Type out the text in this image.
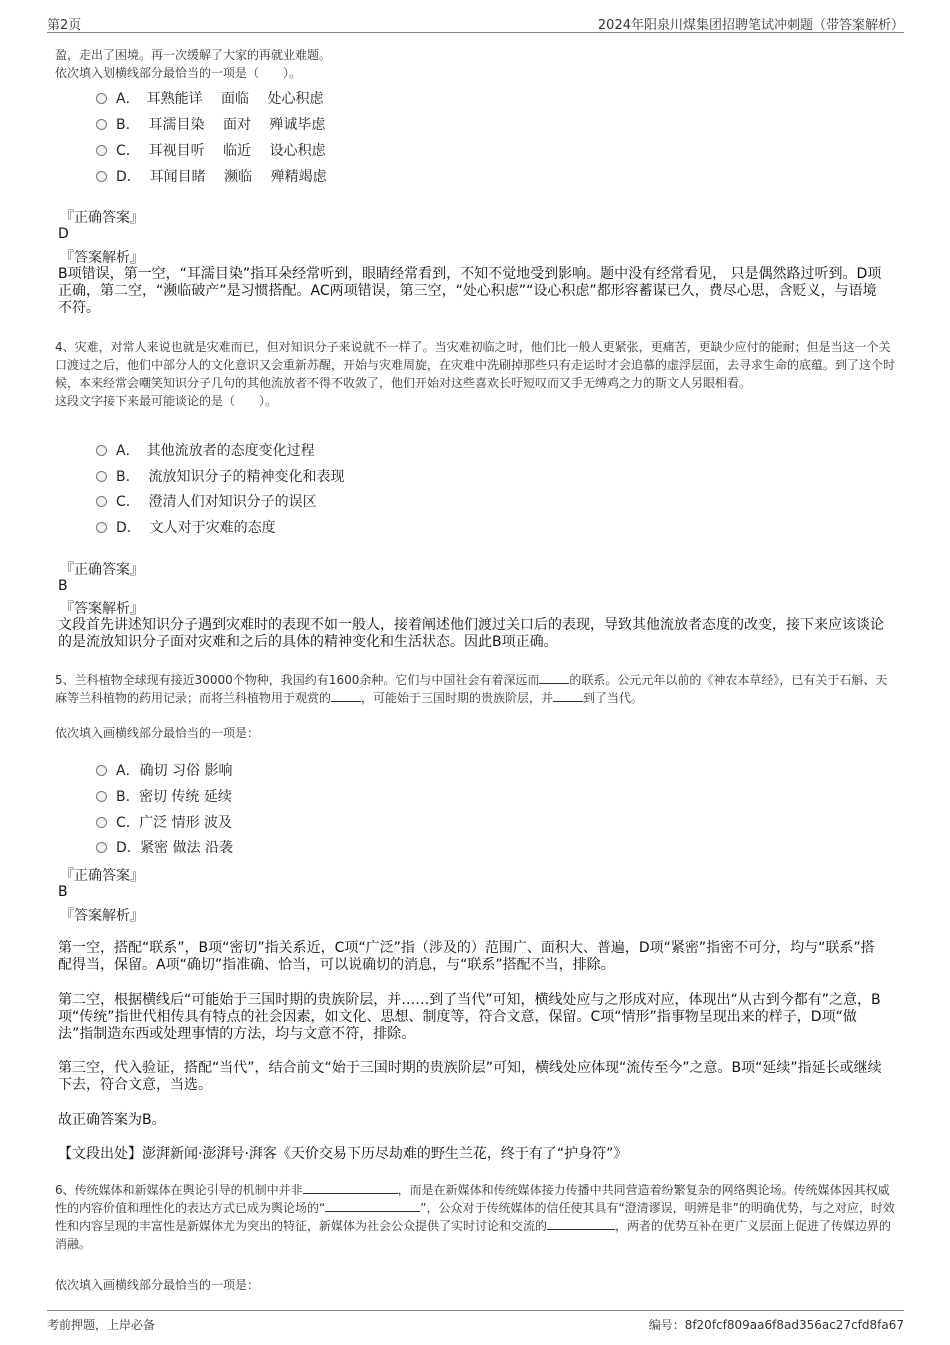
第2页	2024年阳泉川煤集团招聘笔试冲刺题（带答案解析）

盈，走出了困境。再一次缓解了大家的再就业难题。

依次填入划横线部分最恰当的一项是（　　）。

A．　耳熟能详　 面临　 处心积虑
B.　 耳濡目染　 面对　 殚诚毕虑
C.　 耳视目听　 临近　 设心积虑
D.　 耳闻目睹　 濒临　 殚精竭虑
『正确答案』
D
『答案解析』

B项错误，第一空，“耳濡目染”指耳朵经常听到，眼睛经常看到，不知不觉地受到影响。题中没有经常看见， 只是偶然路过听到。D项正确，第二空，“濒临破产”是习惯搭配。AC两项错误，第三空，“处心积虑”“设心积虑”都形容蓄谋已久，费尽心思，含贬义，与语境不符。

4、灾难，对常人来说也就是灾难而已，但对知识分子来说就不一样了。当灾难初临之时，他们比一般人更紧张，更痛苦，更缺少应付的能耐；但是当这一个关口渡过之后，他们中部分人的文化意识又会重新苏醒，开始与灾难周旋，在灾难中洗刷掉那些只有走运时才会追慕的虚浮层面，去寻求生命的底蕴。到了这个时候，本来经常会嘲笑知识分子几句的其他流放者不得不收敛了，他们开始对这些喜欢长吁短叹而又手无缚鸡之力的斯文人另眼相看。

这段文字接下来最可能谈论的是（　　）。

A．　其他流放者的态度变化过程
B.　 流放知识分子的精神变化和表现
C.　 澄清人们对知识分子的误区
D.　 文人对于灾难的态度
『正确答案』
B
『答案解析』

文段首先讲述知识分子遇到灾难时的表现不如一般人，接着阐述他们渡过关口后的表现，导致其他流放者态度的改变，接下来应该谈论的是流放知识分子面对灾难和之后的具体的精神变化和生活状态。因此B项正确。

5、兰科植物全球现有接近30000个物种，我国约有1600余种。它们与中国社会有着深远而	的联系。公元元年以前的《神农本草经》，已有关于石斛、天麻等兰科植物的药用记录；而将兰科植物用于观赏的	，可能始于三国时期的贵族阶层，并	到了当代。

依次填入画横线部分最恰当的一项是：

A．确切 习俗 影响
B.  密切 传统 延续
C.  广泛 情形 波及
D.  紧密 做法 沿袭
『正确答案』
B
『答案解析』

第一空，搭配“联系”，B项“密切”指关系近，C项“广泛”指（涉及的）范围广、面积大、普遍，D项“紧密”指密不可分，均与“联系”搭配得当，保留。A项“确切”指准确、恰当，可以说确切的消息，与“联系”搭配不当，排除。

第二空，根据横线后“可能始于三国时期的贵族阶层，并……到了当代”可知，横线处应与之形成对应，体现出“从古到今都有”之意，B项“传统”指世代相传具有特点的社会因素，如文化、思想、制度等，符合文意，保留。C项“情形”指事物呈现出来的样子，D项“做法”指制造东西或处理事情的方法，均与文意不符，排除。

第三空，代入验证，搭配“当代”，结合前文“始于三国时期的贵族阶层”可知，横线处应体现“流传至今”之意。B项“延续”指延长或继续下去，符合文意，当选。

故正确答案为B。

【文段出处】澎湃新闻·澎湃号·湃客《天价交易下历尽劫难的野生兰花，终于有了“护身符”》

6、传统媒体和新媒体在舆论引导的机制中并非	，而是在新媒体和传统媒体接力传播中共同营造着纷繁复杂的网络舆论场。传统媒体因其权威性的内容价值和理性化的表达方式已成为舆论场的“	”，公众对于传统媒体的信任使其具有“澄清谬误，明辨是非”的明确优势，与之对应，时效性和内容呈现的丰富性是新媒体尤为突出的特征，新媒体为社会公众提供了实时讨论和交流的	，两者的优势互补在更广义层面上促进了传媒边界的消融。

依次填入画横线部分最恰当的一项是：

考前押题，上岸必备	编号：8f20fcf809aa6f8ad356ac27cfd8fa67
